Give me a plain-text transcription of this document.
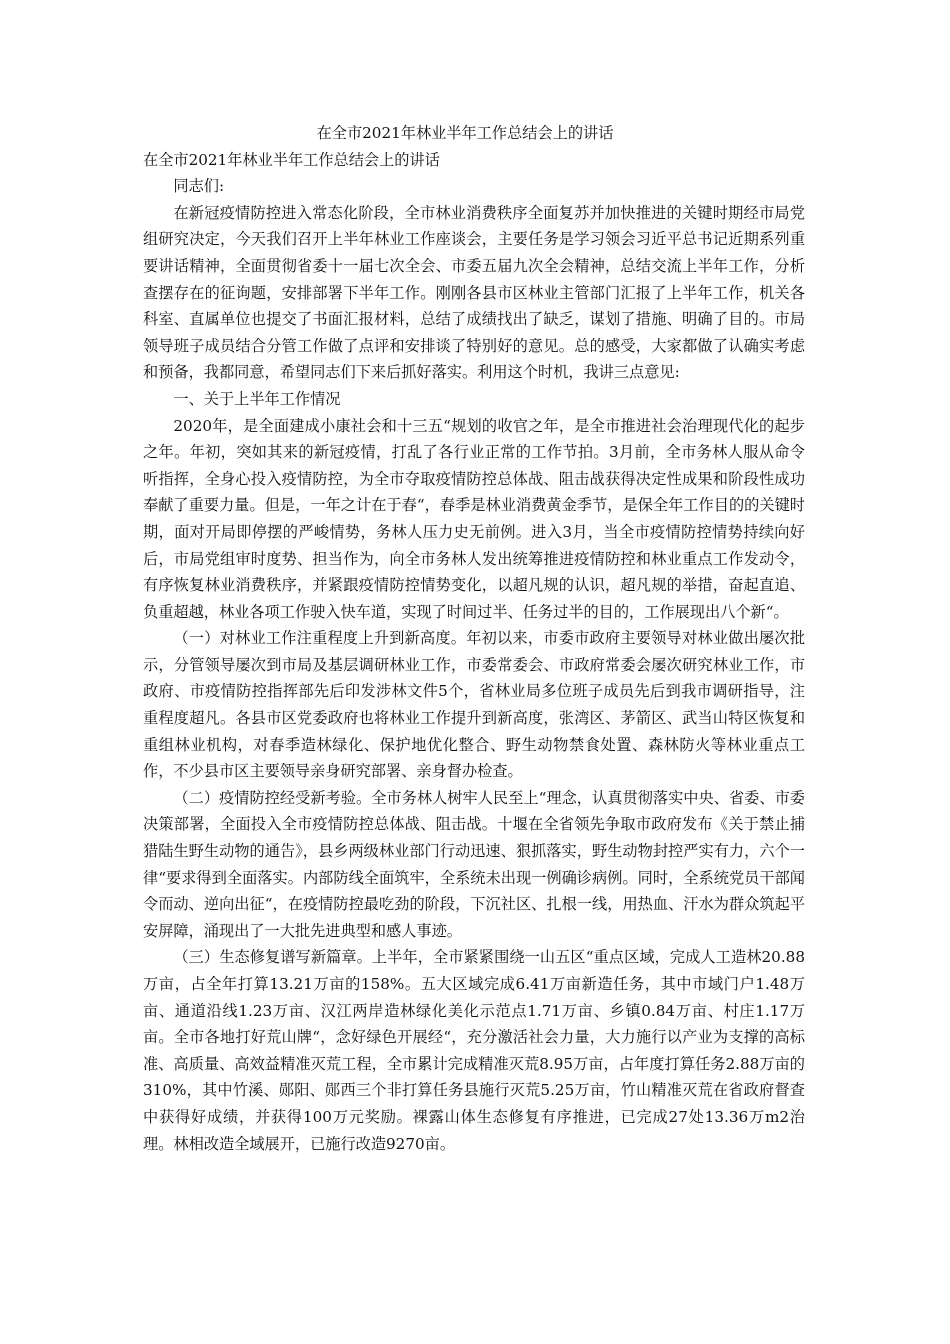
在全市2021年林业半年工作总结会上的讲话

在全市2021年林业半年工作总结会上的讲话

同志们:

在新冠疫情防控进入常态化阶段，全市林业消费秩序全面复苏并加快推进的关键时期经市局党组研究决定，今天我们召开上半年林业工作座谈会，主要任务是学习领会习近平总书记近期系列重要讲话精神，全面贯彻省委十一届七次全会、市委五届九次全会精神，总结交流上半年工作，分析查摆存在的征询题，安排部署下半年工作。刚刚各县市区林业主管部门汇报了上半年工作，机关各科室、直属单位也提交了书面汇报材料，总结了成绩找出了缺乏，谋划了措施、明确了目的。市局领导班子成员结合分管工作做了点评和安排谈了特别好的意见。总的感受，大家都做了认确实考虑和预备，我都同意，希望同志们下来后抓好落实。利用这个时机，我讲三点意见:

一、关于上半年工作情况

2020年，是全面建成小康社会和十三五“规划的收官之年，是全市推进社会治理现代化的起步之年。年初，突如其来的新冠疫情，打乱了各行业正常的工作节拍。3月前，全市务林人服从命令听指挥，全身心投入疫情防控，为全市夺取疫情防控总体战、阻击战获得决定性成果和阶段性成功奉献了重要力量。但是，一年之计在于春“，春季是林业消费黄金季节，是保全年工作目的的关键时期，面对开局即停摆的严峻情势，务林人压力史无前例。进入3月，当全市疫情防控情势持续向好后，市局党组审时度势、担当作为，向全市务林人发出统筹推进疫情防控和林业重点工作发动令，有序恢复林业消费秩序，并紧跟疫情防控情势变化，以超凡规的认识，超凡规的举措，奋起直追、负重超越，林业各项工作驶入快车道，实现了时间过半、任务过半的目的，工作展现出八个新“。

（一）对林业工作注重程度上升到新高度。年初以来，市委市政府主要领导对林业做出屡次批示，分管领导屡次到市局及基层调研林业工作，市委常委会、市政府常委会屡次研究林业工作，市政府、市疫情防控指挥部先后印发涉林文件5个，省林业局多位班子成员先后到我市调研指导，注重程度超凡。各县市区党委政府也将林业工作提升到新高度，张湾区、茅箭区、武当山特区恢复和重组林业机构，对春季造林绿化、保护地优化整合、野生动物禁食处置、森林防火等林业重点工作，不少县市区主要领导亲身研究部署、亲身督办检查。

（二）疫情防控经受新考验。全市务林人树牢人民至上“理念，认真贯彻落实中央、省委、市委决策部署，全面投入全市疫情防控总体战、阻击战。十堰在全省领先争取市政府发布《关于禁止捕猎陆生野生动物的通告》，县乡两级林业部门行动迅速、狠抓落实，野生动物封控严实有力，六个一律“要求得到全面落实。内部防线全面筑牢，全系统未出现一例确诊病例。同时，全系统党员干部闻令而动、逆向出征“，在疫情防控最吃劲的阶段，下沉社区、扎根一线，用热血、汗水为群众筑起平安屏障，涌现出了一大批先进典型和感人事迹。

（三）生态修复谱写新篇章。上半年，全市紧紧围绕一山五区“重点区域，完成人工造林20.88万亩，占全年打算13.21万亩的158%。五大区域完成6.41万亩新造任务，其中市域门户1.48万亩、通道沿线1.23万亩、汉江两岸造林绿化美化示范点1.71万亩、乡镇0.84万亩、村庄1.17万亩。全市各地打好荒山牌“，念好绿色开展经“，充分激活社会力量，大力施行以产业为支撑的高标准、高质量、高效益精准灭荒工程，全市累计完成精准灭荒8.95万亩，占年度打算任务2.88万亩的310%，其中竹溪、郧阳、郧西三个非打算任务县施行灭荒5.25万亩，竹山精准灭荒在省政府督查中获得好成绩，并获得100万元奖励。裸露山体生态修复有序推进，已完成27处13.36万m2治理。林相改造全域展开，已施行改造9270亩。
